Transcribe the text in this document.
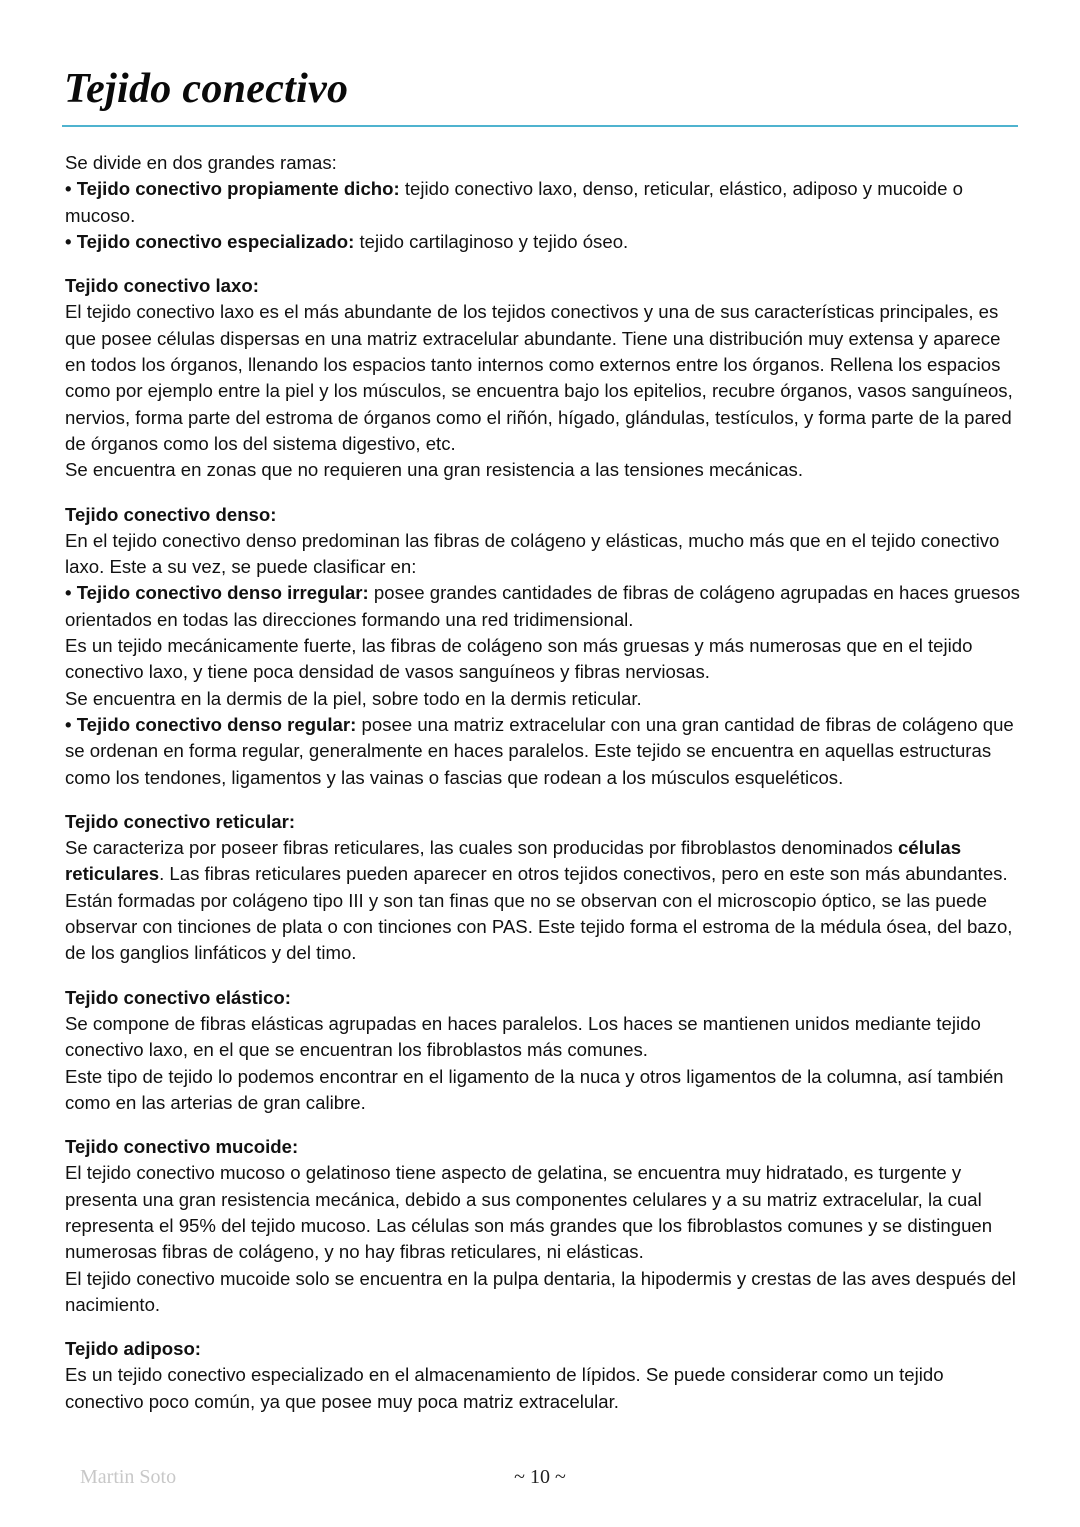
Tejido conectivo

Se divide en dos grandes ramas:

• Tejido conectivo propiamente dicho: tejido conectivo laxo, denso, reticular, elástico, adiposo y mucoide o mucoso.

• Tejido conectivo especializado: tejido cartilaginoso y tejido óseo.

Tejido conectivo laxo:

El tejido conectivo laxo es el más abundante de los tejidos conectivos y una de sus características principales, es que posee células dispersas en una matriz extracelular abundante. Tiene una distribución muy extensa y aparece en todos los órganos, llenando los espacios tanto internos como externos entre los órganos. Rellena los espacios como por ejemplo entre la piel y los músculos, se encuentra bajo los epitelios, recubre órganos, vasos sanguíneos, nervios, forma parte del estroma de órganos como el riñón, hígado, glándulas, testículos, y forma parte de la pared de órganos como los del sistema digestivo, etc.

Se encuentra en zonas que no requieren una gran resistencia a las tensiones mecánicas.

Tejido conectivo denso:

En el tejido conectivo denso predominan las fibras de colágeno y elásticas, mucho más que en el tejido conectivo laxo. Este a su vez, se puede clasificar en:

• Tejido conectivo denso irregular: posee grandes cantidades de fibras de colágeno agrupadas en haces gruesos orientados en todas las direcciones formando una red tridimensional.

Es un tejido mecánicamente fuerte, las fibras de colágeno son más gruesas y más numerosas que en el tejido conectivo laxo, y tiene poca densidad de vasos sanguíneos y fibras nerviosas.

Se encuentra en la dermis de la piel, sobre todo en la dermis reticular.

• Tejido conectivo denso regular: posee una matriz extracelular con una gran cantidad de fibras de colágeno que se ordenan en forma regular, generalmente en haces paralelos. Este tejido se encuentra en aquellas estructuras como los tendones, ligamentos y las vainas o fascias que rodean a los músculos esqueléticos.

Tejido conectivo reticular:

Se caracteriza por poseer fibras reticulares, las cuales son producidas por fibroblastos denominados células reticulares. Las fibras reticulares pueden aparecer en otros tejidos conectivos, pero en este son más abundantes. Están formadas por colágeno tipo III y son tan finas que no se observan con el microscopio óptico, se las puede observar con tinciones de plata o con tinciones con PAS. Este tejido forma el estroma de la médula ósea, del bazo, de los ganglios linfáticos y del timo.

Tejido conectivo elástico:

Se compone de fibras elásticas agrupadas en haces paralelos. Los haces se mantienen unidos mediante tejido conectivo laxo, en el que se encuentran los fibroblastos más comunes.

Este tipo de tejido lo podemos encontrar en el ligamento de la nuca y otros ligamentos de la columna, así también como en las arterias de gran calibre.

Tejido conectivo mucoide:

El tejido conectivo mucoso o gelatinoso tiene aspecto de gelatina, se encuentra muy hidratado, es turgente y presenta una gran resistencia mecánica, debido a sus componentes celulares y a su matriz extracelular, la cual representa el 95% del tejido mucoso. Las células son más grandes que los fibroblastos comunes y se distinguen numerosas fibras de colágeno, y no hay fibras reticulares, ni elásticas.

El tejido conectivo mucoide solo se encuentra en la pulpa dentaria, la hipodermis y crestas de las aves después del nacimiento.

Tejido adiposo:

Es un tejido conectivo especializado en el almacenamiento de lípidos. Se puede considerar como un tejido conectivo poco común, ya que posee muy poca matriz extracelular.

Martin Soto	~ 10 ~
